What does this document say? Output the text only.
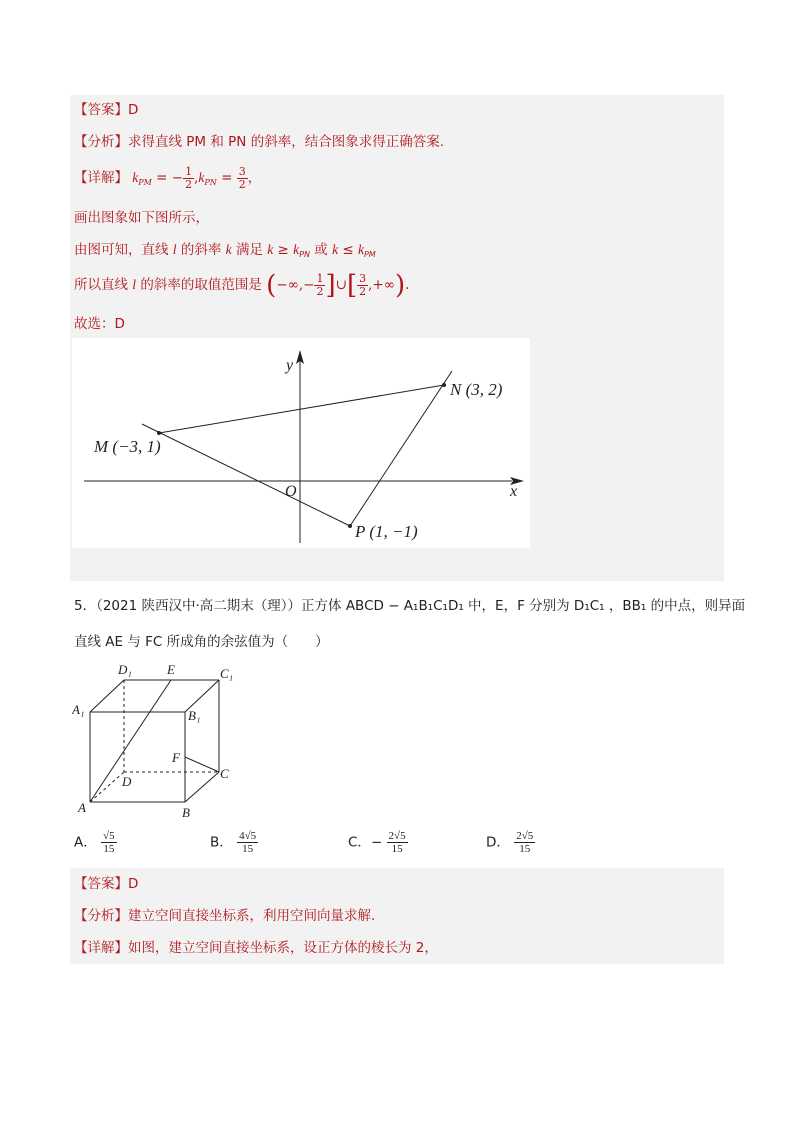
【答案】D
【分析】求得直线 PM 和 PN 的斜率，结合图象求得正确答案.
【详解】 $k_{PM}$ = − $\frac{1}{2} ,k_{PN} = \frac{3}{2}$ ，
画出图象如下图所示，
由图可知，直线 l 的斜率 k 满足 $k \ge k_{PN}$ 或 $k \le k_{PM}$
所以直线 l 的斜率的取值范围是 (−∞,− $\frac{1}{2}$ ]∪[ $\frac{3}{2}$ ,+∞).
故选：D
M (−3, 1)
N (3, 2)
P (1, −1)
O	x
y
5．（2021 陕西汉中·高二期末（理））正方体 ABCD − A₁B₁C₁D₁ 中，E，F 分别为 D₁C₁ ，BB₁ 的中点，则异面
直线 AE 与 FC 所成角的余弦值为（　　）
D₁	E	C₁
A₁	B₁
F
C
D
A	B
A． $\frac{√5}{15}$	B． $\frac{4√5}{15}$	C．− $\frac{2√5}{15}$	D． $\frac{2√5}{15}$
【答案】D
【分析】建立空间直接坐标系，利用空间向量求解.
【详解】如图，建立空间直接坐标系，设正方体的棱长为 2，
